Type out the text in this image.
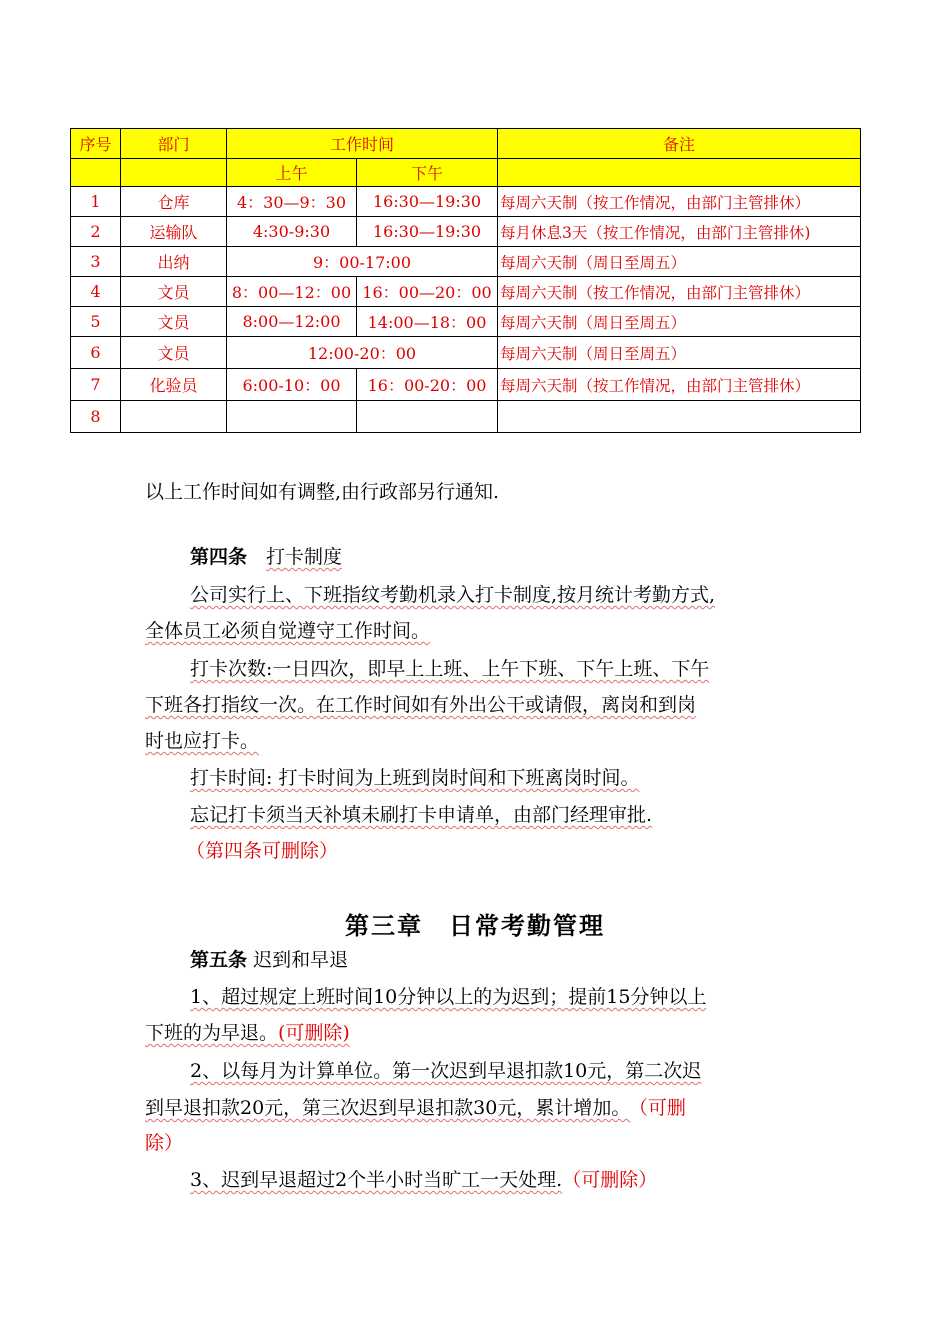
序号	部门	工作时间		备注
		上午	下午	
1	仓库	4：30—9：30	16:30—19:30	每周六天制（按工作情况，由部门主管排休）
2	运输队	4:30-9:30	16:30—19:30	每月休息3天（按工作情况，由部门主管排休)
3	出纳	9：00-17:00		每周六天制（周日至周五）
4	文员	8：00—12：00	16：00—20：00	每周六天制（按工作情况，由部门主管排休）
5	文员	8:00—12:00	14:00—18：00	每周六天制（周日至周五）
6	文员	12:00-20：00		每周六天制（周日至周五）
7	化验员	6:00-10：00	16：00-20：00	每周六天制（按工作情况，由部门主管排休）
8				
以上工作时间如有调整,由行政部另行通知.
第四条　 打卡制度
公司实行上、下班指纹考勤机录入打卡制度,按月统计考勤方式,
全体员工必须自觉遵守工作时间。
打卡次数:一日四次，即早上上班、上午下班、下午上班、下午
下班各打指纹一次。在工作时间如有外出公干或请假，离岗和到岗
时也应打卡。
打卡时间: 打卡时间为上班到岗时间和下班离岗时间。
忘记打卡须当天补填未刷打卡申请单，由部门经理审批.
（第四条可删除）
第三章　日常考勤管理
第五条 迟到和早退
1、超过规定上班时间10分钟以上的为迟到；提前15分钟以上
下班的为早退。(可删除)
2、以每月为计算单位。第一次迟到早退扣款10元，第二次迟
到早退扣款20元，第三次迟到早退扣款30元，累计增加。 （可删
除）
3、迟到早退超过2个半小时当旷工一天处理.（可删除）
